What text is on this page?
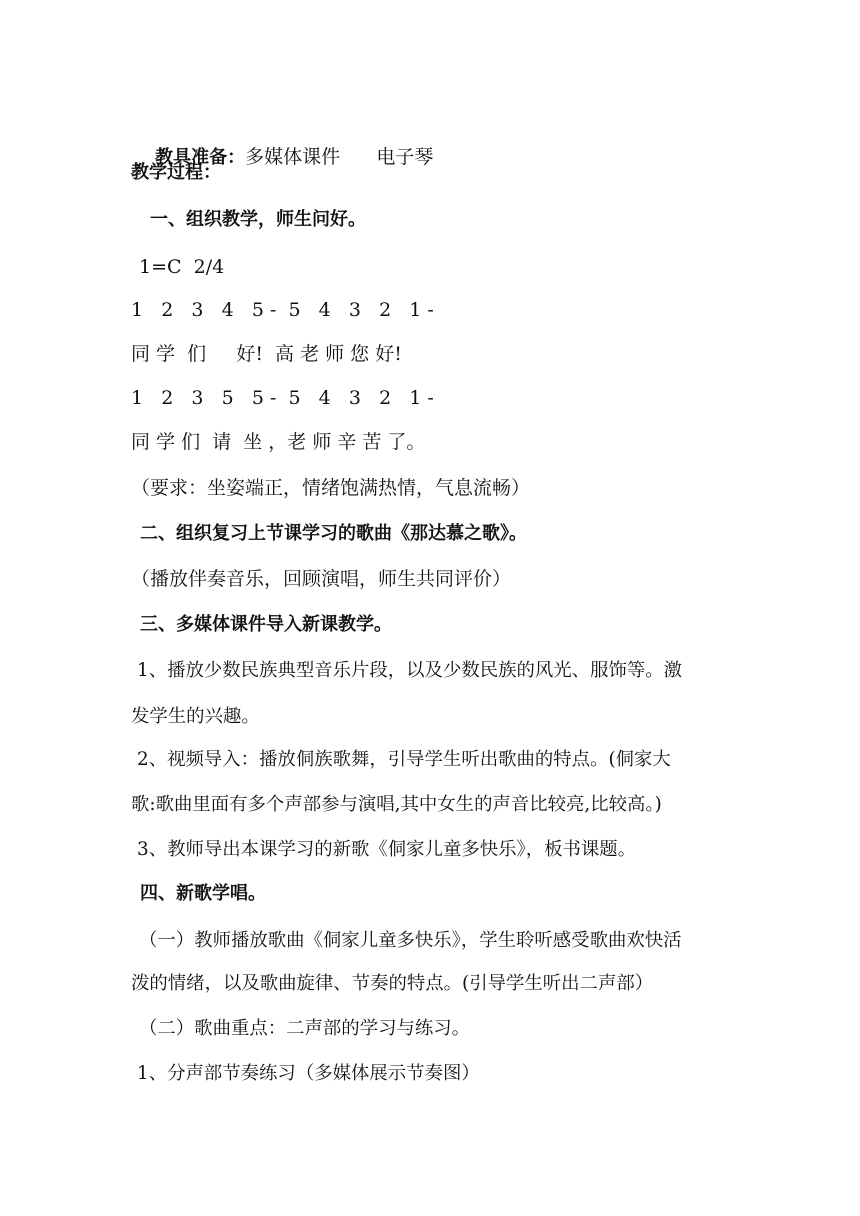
教具准备：多媒体课件      电子琴

教学过程：
一、组织教学，师生问好。
1=C  2/4
1   2   3   4   5 -  5   4   3   2   1 -
同 学  们     好!  高 老 师 您 好!
1   2   3   5   5 -  5   4   3   2   1 -
同 学 们  请  坐 ，老 师 辛 苦 了。
（要求：坐姿端正，情绪饱满热情，气息流畅）
二、组织复习上节课学习的歌曲《那达慕之歌》。
（播放伴奏音乐，回顾演唱，师生共同评价）
三、多媒体课件导入新课教学。
1、播放少数民族典型音乐片段，以及少数民族的风光、服饰等。激
发学生的兴趣。
2、视频导入：播放侗族歌舞，引导学生听出歌曲的特点。(侗家大
歌:歌曲里面有多个声部参与演唱,其中女生的声音比较亮,比较高。)
3、教师导出本课学习的新歌《侗家儿童多快乐》，板书课题。
四、新歌学唱。
（一）教师播放歌曲《侗家儿童多快乐》，学生聆听感受歌曲欢快活
泼的情绪，以及歌曲旋律、节奏的特点。(引导学生听出二声部）
（二）歌曲重点：二声部的学习与练习。
1、分声部节奏练习（多媒体展示节奏图）
